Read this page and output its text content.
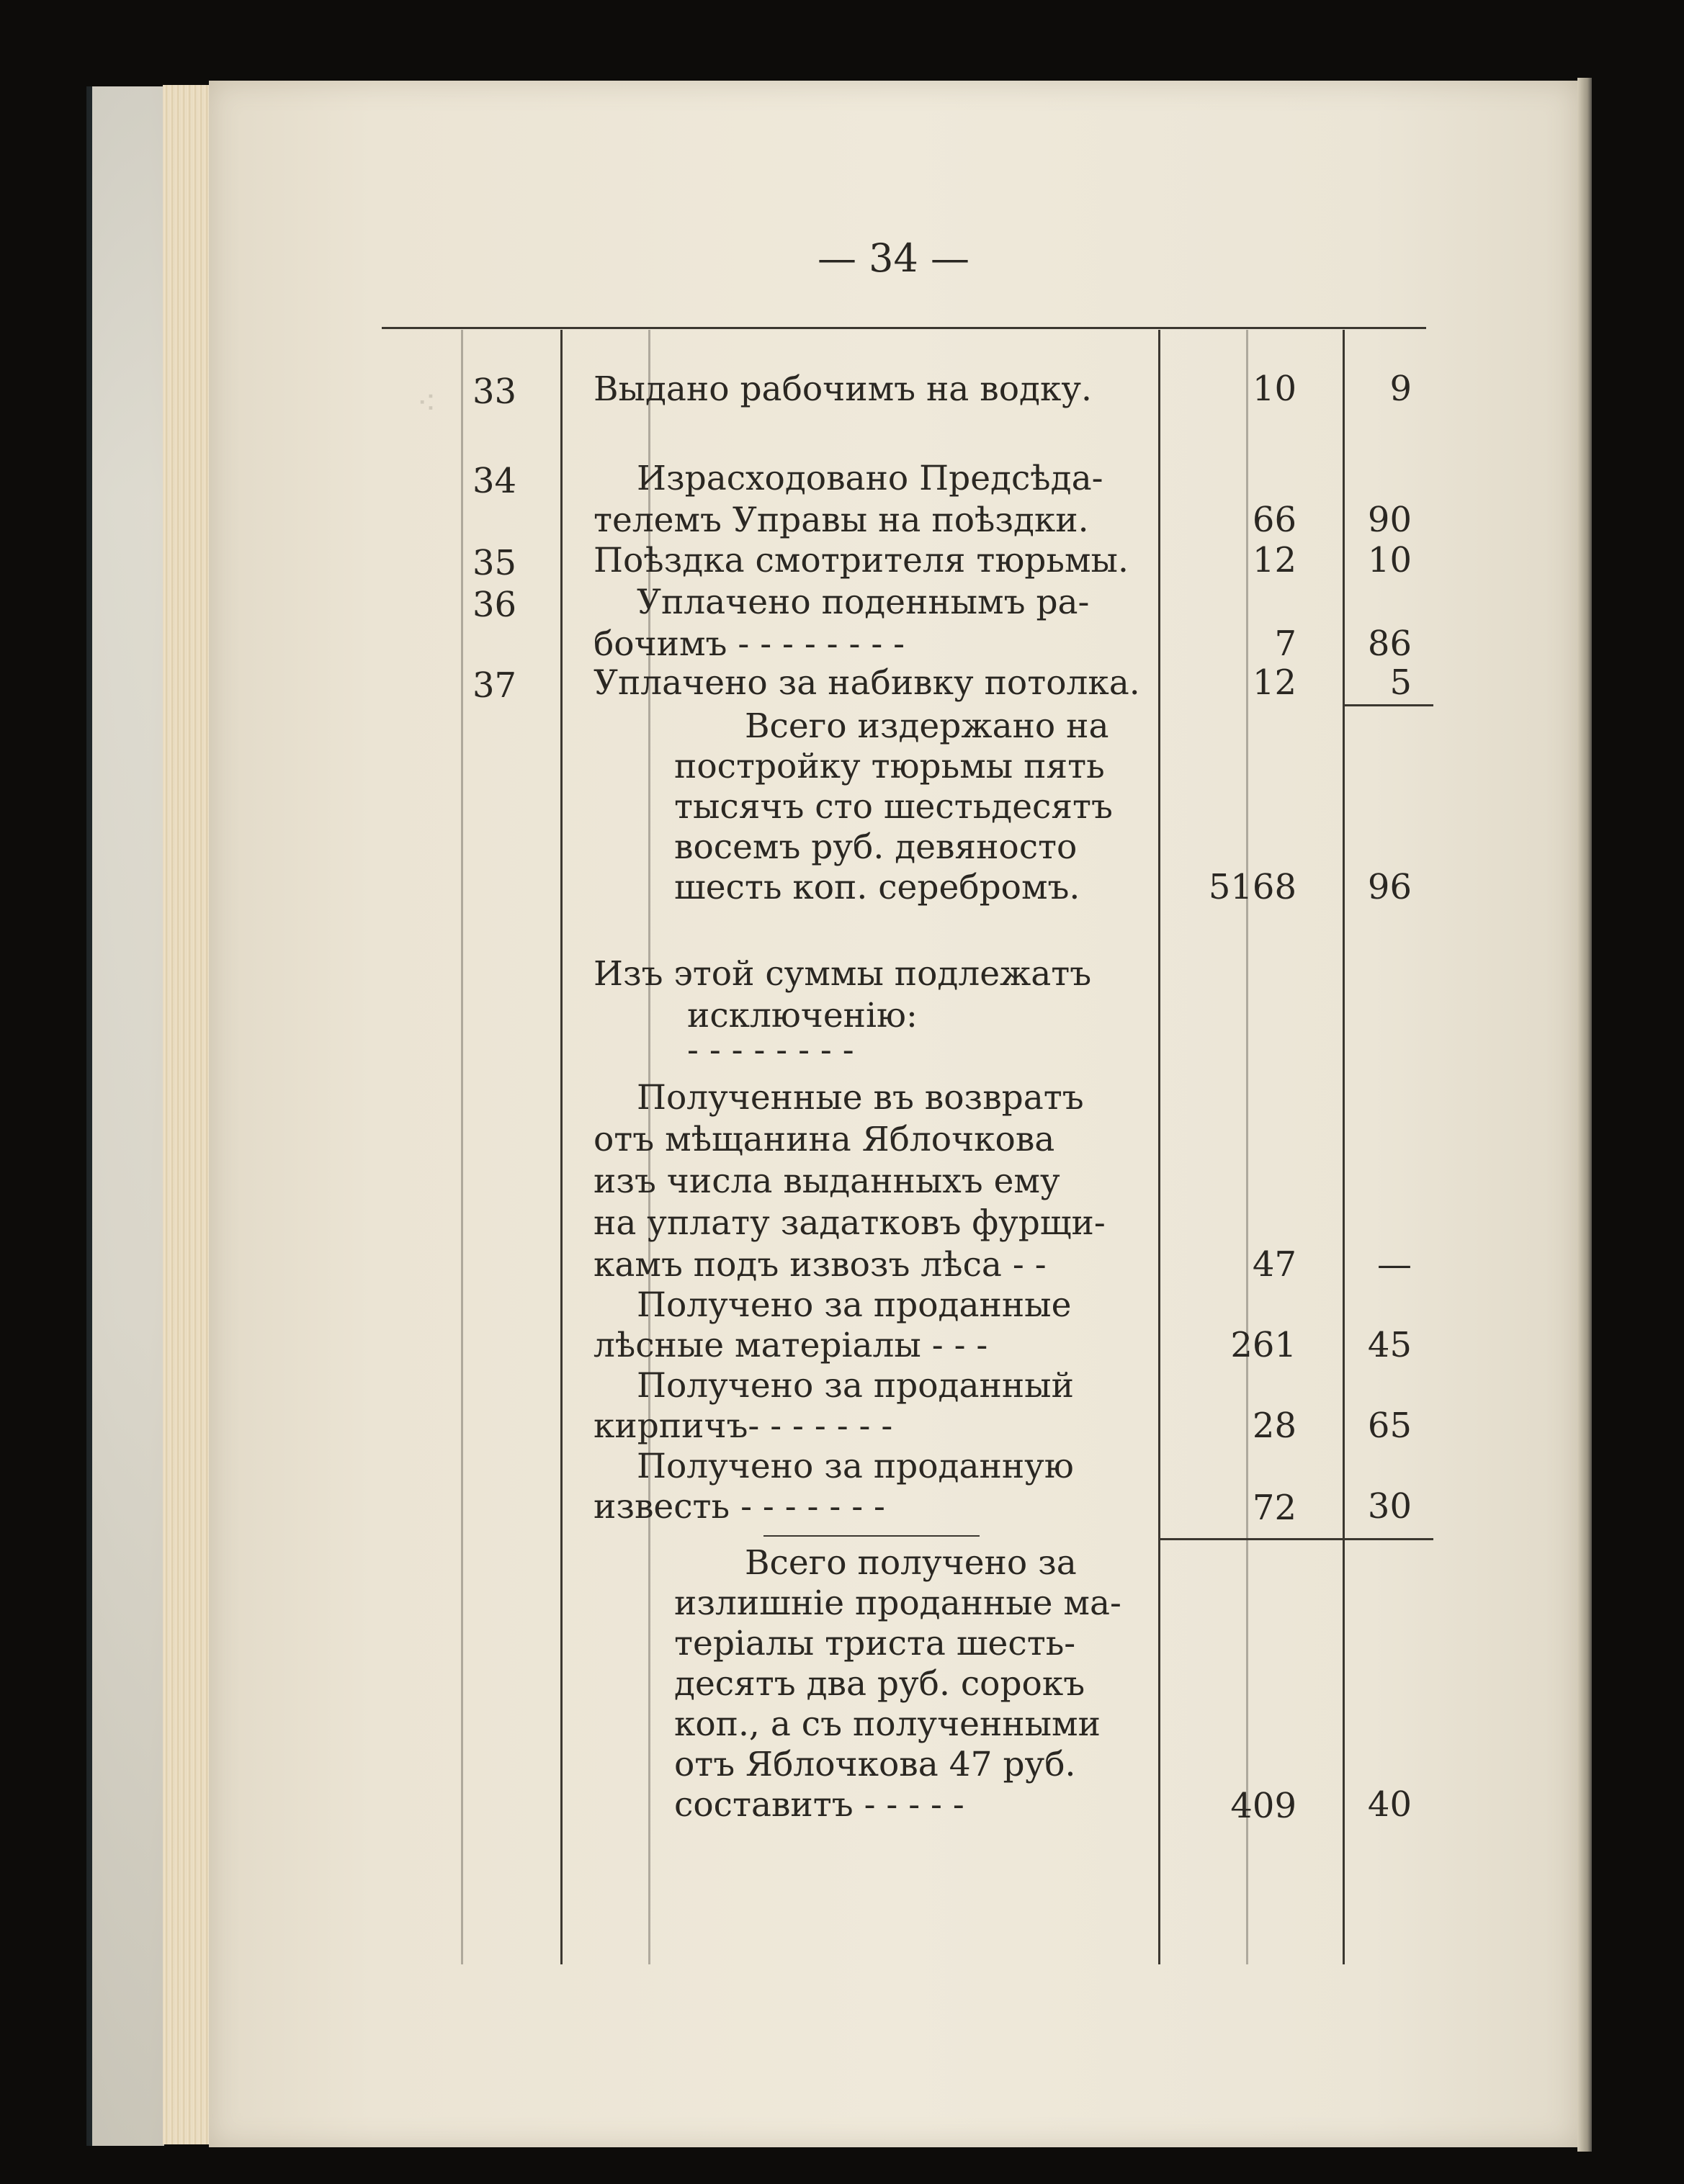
⁖
— 34 —
33 Выдано рабочимъ на водку.	10	9
34	Израсходовано Предсѣда-
телемъ Управы на поѣздки.	66	90
35 Поѣздка смотрителя тюрьмы.	12	10
36	Уплачено поденнымъ ра-
бочимъ - - - - - - - -	7	86
37 Уплачено за набивку потолка.	12	5
Всего издержано на
постройку тюрьмы пять
тысячъ сто шестьдесятъ
восемъ руб. девяносто
шесть коп. серебромъ.	5168	96
Изъ этой суммы подлежатъ
исключенію:
- - - - - - - -
Полученные въ возвратъ
отъ мѣщанина Яблочкова
изъ числа выданныхъ ему
на уплату задатковъ фурщи-
камъ подъ извозъ лѣса - -	47	—
Получено за проданные
лѣсные матеріалы - - -	261	45
Получено за проданный
кирпичъ- - - - - - -	28	65
Получено за проданную
известь - - - - - - -	72	30
Всего получено за
излишніе проданные ма-
теріалы триста шесть-
десятъ два руб. сорокъ
коп., а съ полученными
отъ Яблочкова 47 руб.
составитъ - - - - -	409	40
